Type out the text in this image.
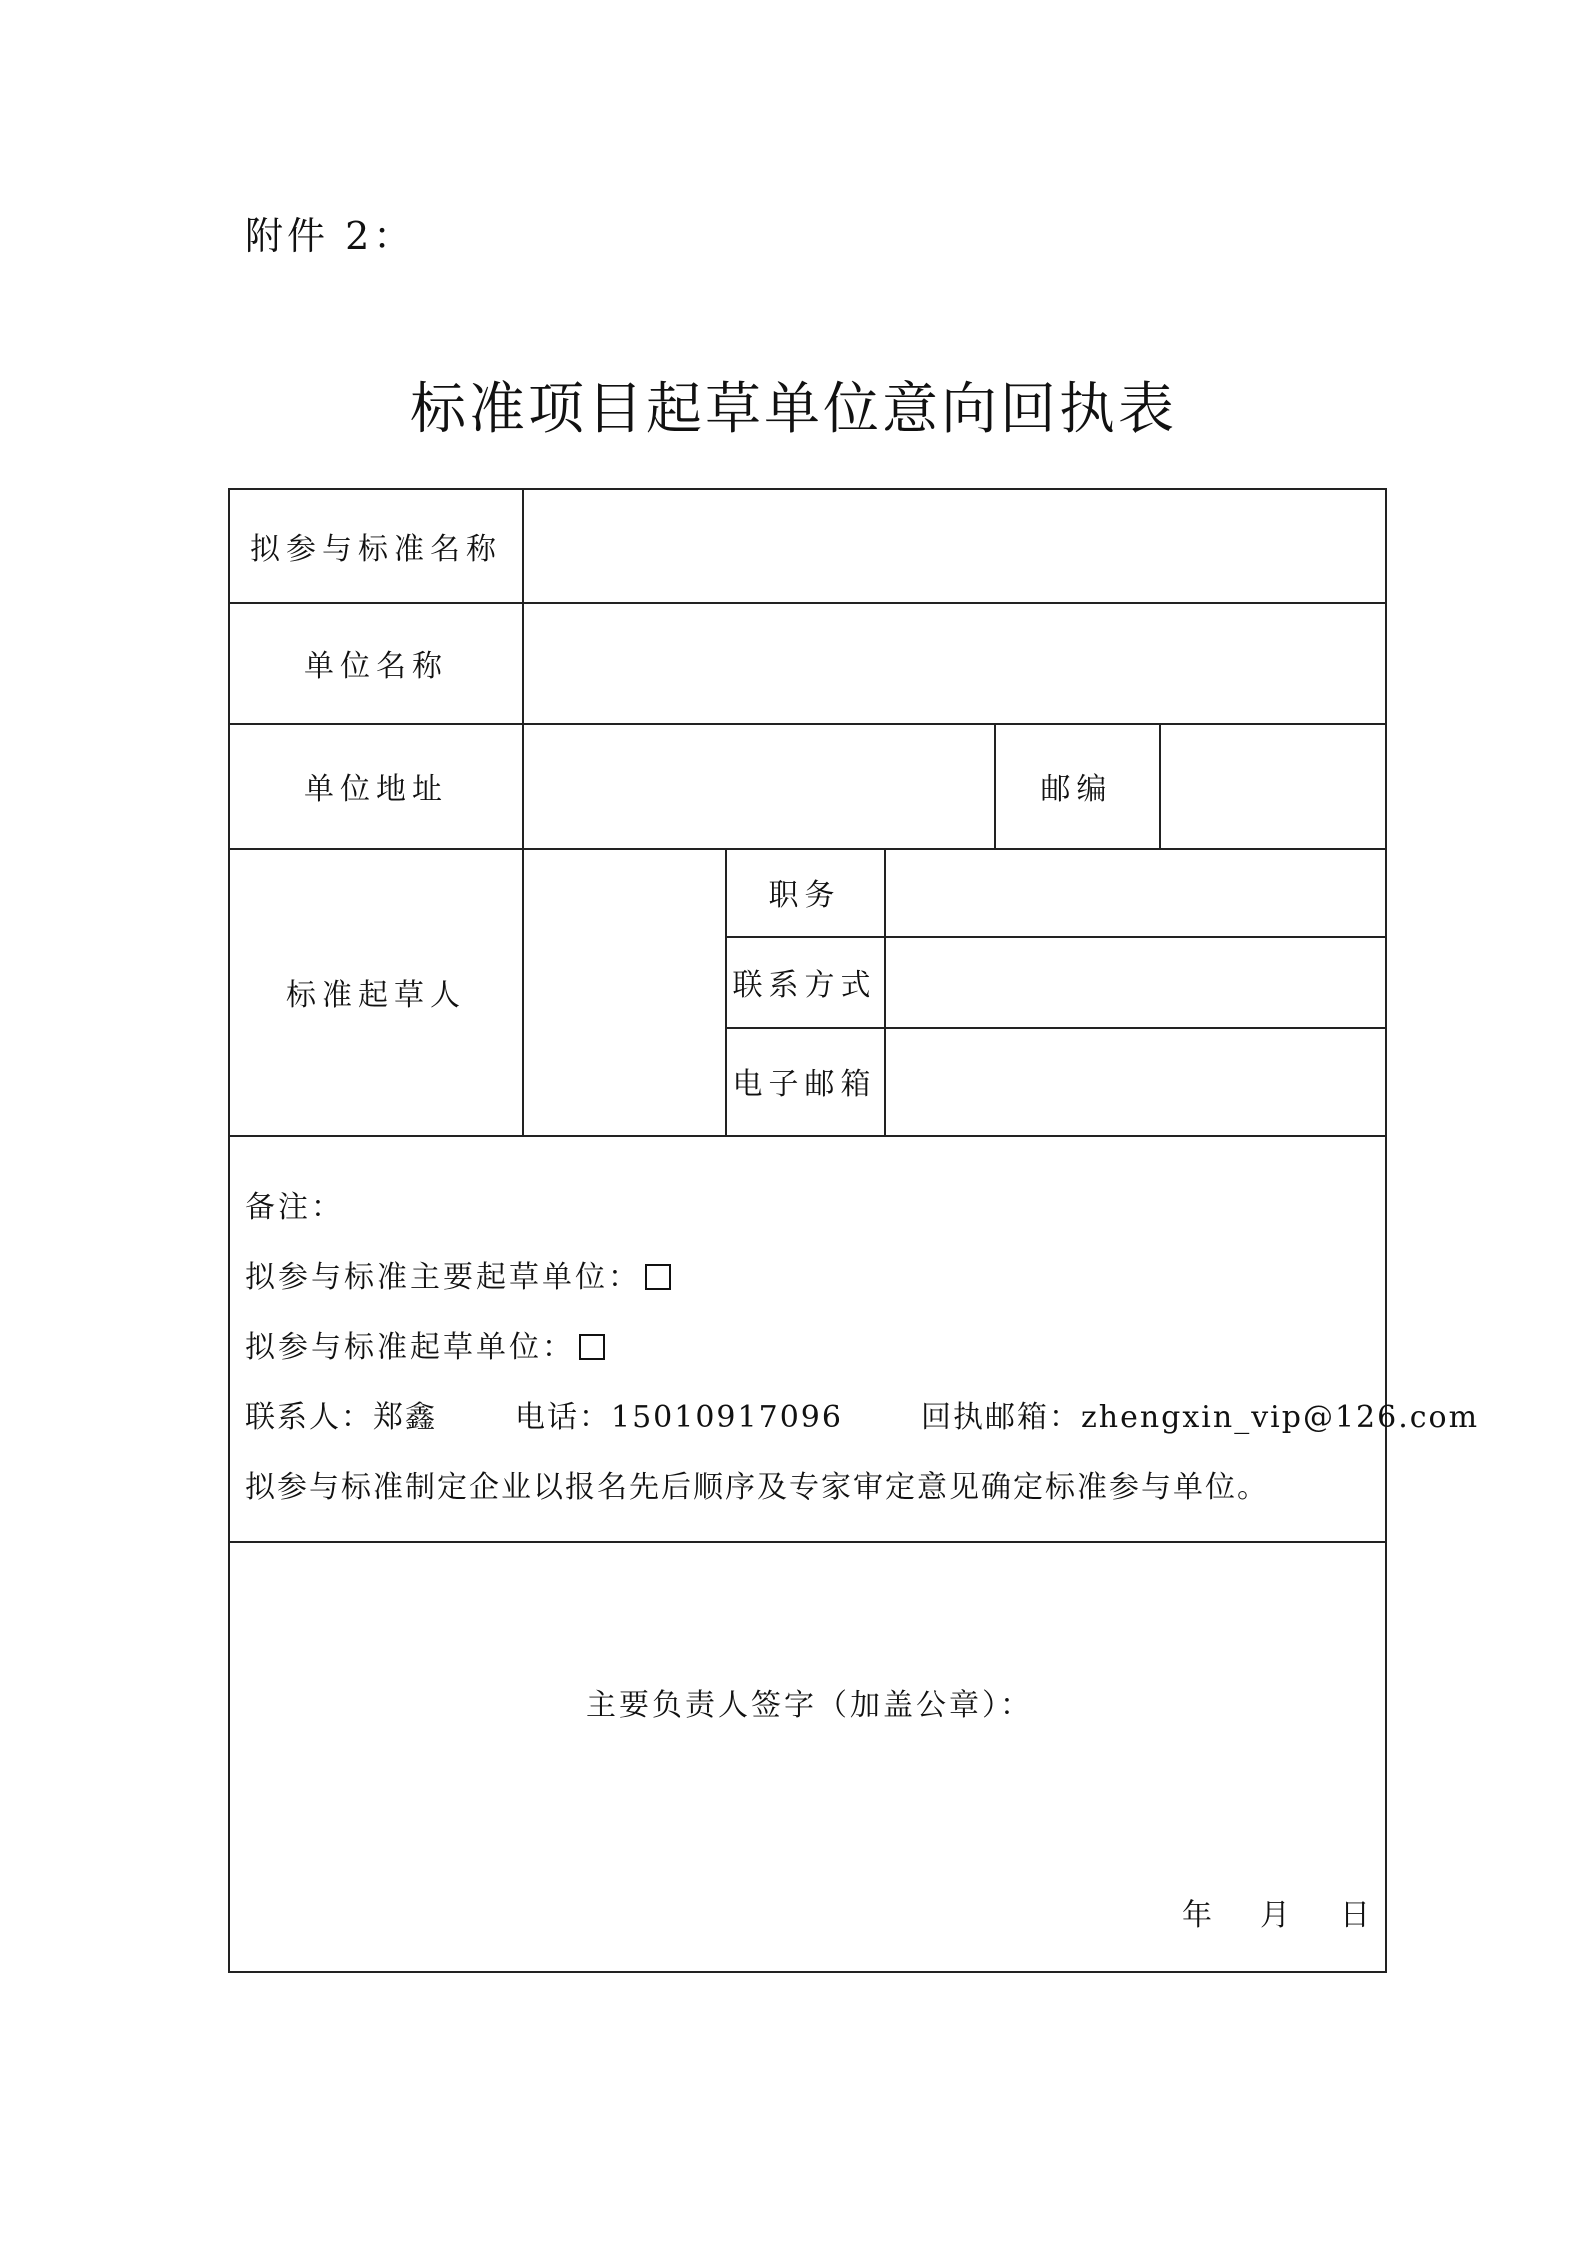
附件 2：
标准项目起草单位意向回执表
拟参与标准名称
单位名称
单位地址	邮编
标准起草人
职务
联系方式
电子邮箱
备注：
拟参与标准主要起草单位：
拟参与标准起草单位：
联系人：郑鑫	电话：15010917096	回执邮箱：zhengxin_vip@126.com
拟参与标准制定企业以报名先后顺序及专家审定意见确定标准参与单位。
主要负责人签字（加盖公章）：
年 月 日
